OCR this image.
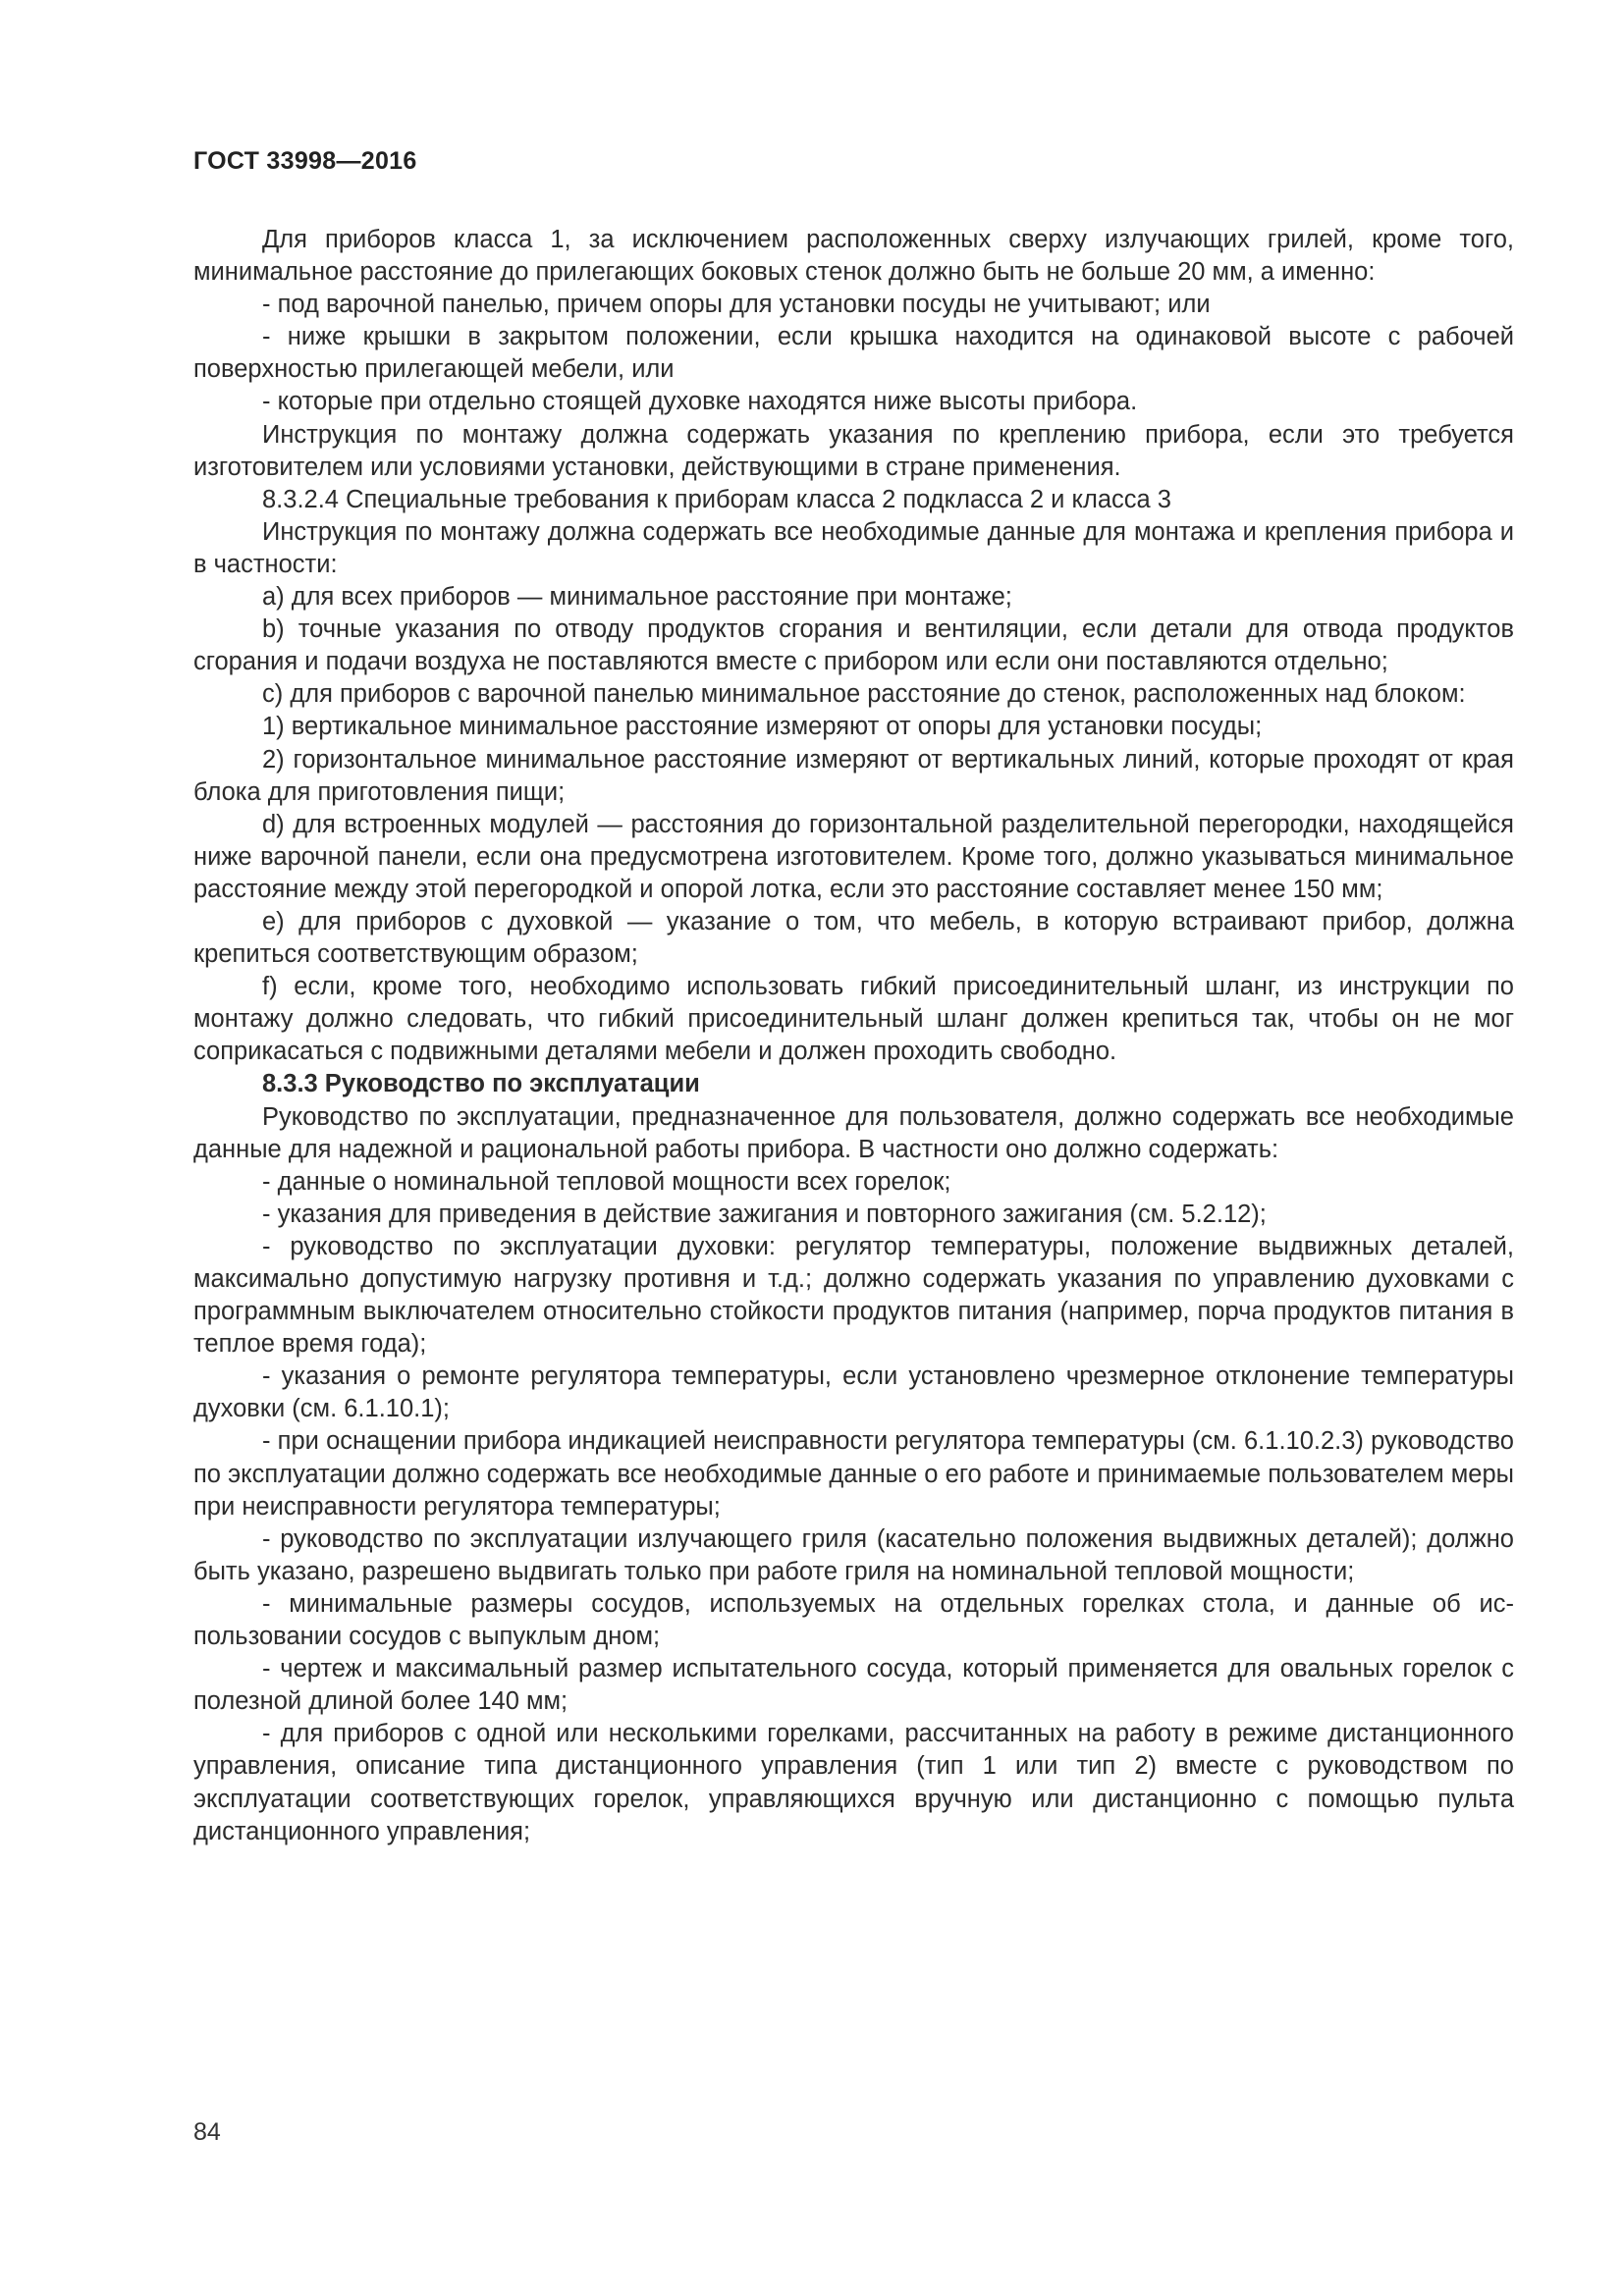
ГОСТ 33998—2016

Для приборов класса 1, за исключением расположенных сверху излучающих грилей, кроме того, минимальное расстояние до прилегающих боковых стенок должно быть не больше 20 мм, а именно:

- под варочной панелью, причем опоры для установки посуды не учитывают; или

- ниже крышки в закрытом положении, если крышка находится на одинаковой высоте с рабочей поверхностью прилегающей мебели, или

- которые при отдельно стоящей духовке находятся ниже высоты прибора.

Инструкция по монтажу должна содержать указания по креплению прибора, если это требуется изготовителем или условиями установки, действующими в стране применения.

8.3.2.4 Специальные требования к приборам класса 2 подкласса 2 и класса 3

Инструкция по монтажу должна содержать все необходимые данные для монтажа и крепления прибора и в частности:

a) для всех приборов — минимальное расстояние при монтаже;

b) точные указания по отводу продуктов сгорания и вентиляции, если детали для отвода продуктов сгорания и подачи воздуха не поставляются вместе с прибором или если они поставляются отдельно;

c) для приборов с варочной панелью минимальное расстояние до стенок, расположенных над блоком:

1) вертикальное минимальное расстояние измеряют от опоры для установки посуды;

2) горизонтальное минимальное расстояние измеряют от вертикальных линий, которые проходят от края блока для приготовления пищи;

d) для встроенных модулей — расстояния до горизонтальной разделительной перегородки, находящейся ниже варочной панели, если она предусмотрена изготовителем. Кроме того, должно указываться минимальное расстояние между этой перегородкой и опорой лотка, если это расстояние составляет менее 150 мм;

e) для приборов с духовкой — указание о том, что мебель, в которую встраивают прибор, должна крепиться соответствующим образом;

f) если, кроме того, необходимо использовать гибкий присоединительный шланг, из инструкции по монтажу должно следовать, что гибкий присоединительный шланг должен крепиться так, чтобы он не мог соприкасаться с подвижными деталями мебели и должен проходить свободно.

8.3.3 Руководство по эксплуатации

Руководство по эксплуатации, предназначенное для пользователя, должно содержать все необходимые данные для надежной и рациональной работы прибора. В частности оно должно содержать:

- данные о номинальной тепловой мощности всех горелок;

- указания для приведения в действие зажигания и повторного зажигания (см. 5.2.12);

- руководство по эксплуатации духовки: регулятор температуры, положение выдвижных деталей, максимально допустимую нагрузку противня и т.д.; должно содержать указания по управлению духовками с программным выключателем относительно стойкости продуктов питания (например, порча продуктов питания в теплое время года);

- указания о ремонте регулятора температуры, если установлено чрезмерное отклонение температуры духовки (см. 6.1.10.1);

- при оснащении прибора индикацией неисправности регулятора температуры (см. 6.1.10.2.3) руководство по эксплуатации должно содержать все необходимые данные о его работе и принимаемые пользователем меры при неисправности регулятора температуры;

- руководство по эксплуатации излучающего гриля (касательно положения выдвижных деталей); должно быть указано, разрешено выдвигать только при работе гриля на номинальной тепловой мощности;

- минимальные размеры сосудов, используемых на отдельных горелках стола, и данные об использовании сосудов с выпуклым дном;

- чертеж и максимальный размер испытательного сосуда, который применяется для овальных горелок с полезной длиной более 140 мм;

- для приборов с одной или несколькими горелками, рассчитанных на работу в режиме дистанционного управления, описание типа дистанционного управления (тип 1 или тип 2) вместе с руководством по эксплуатации соответствующих горелок, управляющихся вручную или дистанционно с помощью пульта дистанционного управления;

84
